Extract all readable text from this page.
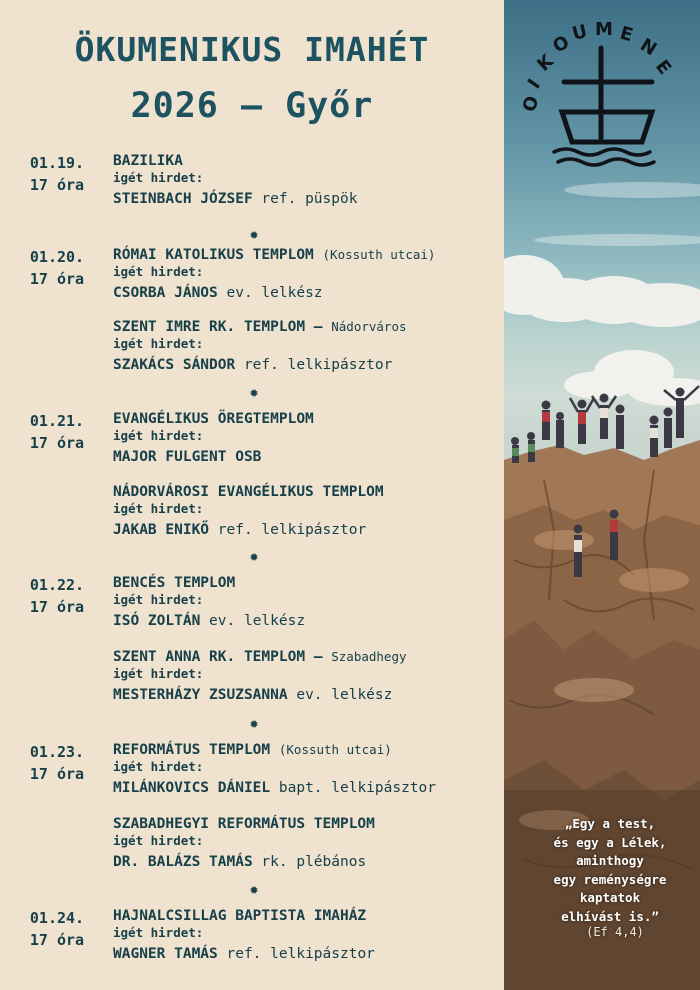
ÖKUMENIKUS IMAHÉT
2026 – Győr
01.19.
17 óra
BAZILIKA
igét hirdet:
STEINBACH JÓZSEF ref. püspök
✹
01.20.
17 óra
RÓMAI KATOLIKUS TEMPLOM (Kossuth utcai)
igét hirdet:
CSORBA JÁNOS ev. lelkész
SZENT IMRE RK. TEMPLOM – Nádorváros
igét hirdet:
SZAKÁCS SÁNDOR ref. lelkipásztor
✹
01.21.
17 óra
EVANGÉLIKUS ÖREGTEMPLOM
igét hirdet:
MAJOR FULGENT OSB
NÁDORVÁROSI EVANGÉLIKUS TEMPLOM
igét hirdet:
JAKAB ENIKŐ ref. lelkipásztor
✹
01.22.
17 óra
BENCÉS TEMPLOM
igét hirdet:
ISÓ ZOLTÁN ev. lelkész
SZENT ANNA RK. TEMPLOM – Szabadhegy
igét hirdet:
MESTERHÁZY ZSUZSANNA ev. lelkész
✹
01.23.
17 óra
REFORMÁTUS TEMPLOM (Kossuth utcai)
igét hirdet:
MILÁNKOVICS DÁNIEL bapt. lelkipásztor
SZABADHEGYI REFORMÁTUS TEMPLOM
igét hirdet:
DR. BALÁZS TAMÁS rk. plébános
✹
01.24.
17 óra
HAJNALCSILLAG BAPTISTA IMAHÁZ
igét hirdet:
WAGNER TAMÁS ref. lelkipásztor
O
I
K
O
U M E
N
E
„Egy a test,
és egy a Lélek,
aminthogy
egy reménységre
kaptatok
elhívást is.”
(Ef 4,4)
